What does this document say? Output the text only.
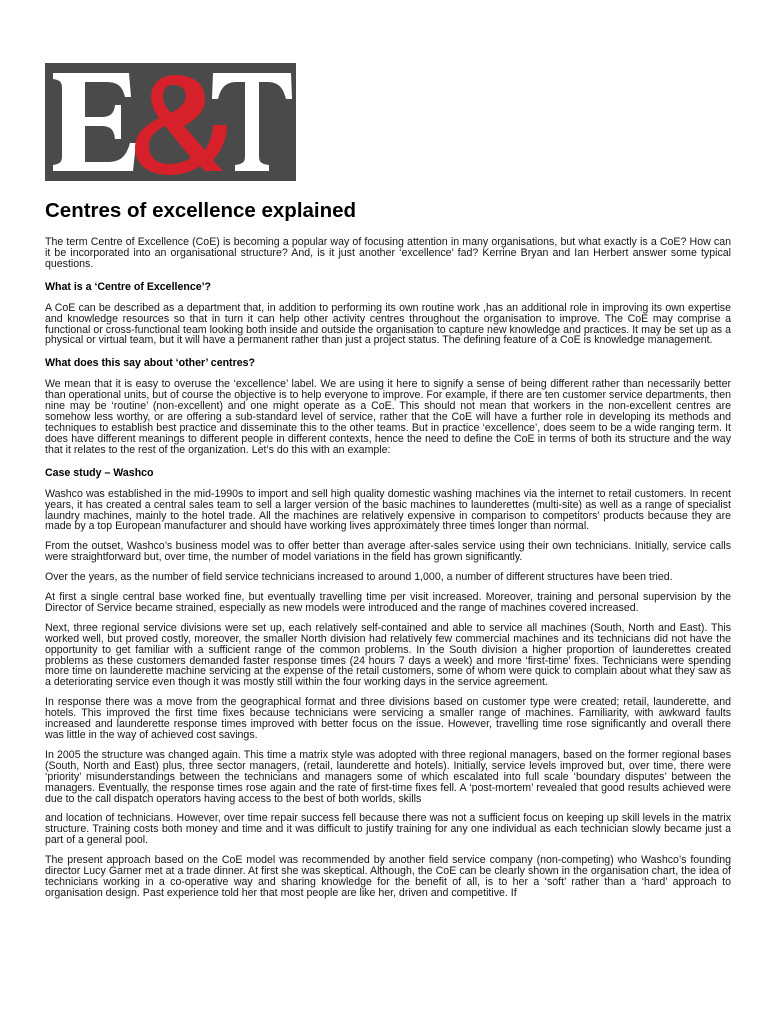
Centres of excellence explained

The term Centre of Excellence (CoE) is becoming a popular way of focusing attention in many organisations, but what exactly is a CoE? How can it be incorporated into an organisational structure? And, is it just another ‘excellence’ fad? Kerrine Bryan and Ian Herbert answer some typical questions.

What is a ‘Centre of Excellence’?

A CoE can be described as a department that, in addition to performing its own routine work ,has an additional role in improving its own expertise and knowledge resources so that in turn it can help other activity centres throughout the organisation to improve. The CoE may comprise a functional or cross-functional team looking both inside and outside the organisation to capture new knowledge and practices. It may be set up as a physical or virtual team, but it will have a permanent rather than just a project status. The defining feature of a CoE is knowledge management.

What does this say about ‘other’ centres?

We mean that it is easy to overuse the ‘excellence’ label. We are using it here to signify a sense of being different rather than necessarily better than operational units, but of course the objective is to help everyone to improve. For example, if there are ten customer service departments, then nine may be ‘routine’ (non-excellent) and one might operate as a CoE. This should not mean that workers in the non-excellent centres are somehow less worthy, or are offering a sub-standard level of service, rather that the CoE will have a further role in developing its methods and techniques to establish best practice and disseminate this to the other teams. But in practice ‘excellence’, does seem to be a wide ranging term. It does have different meanings to different people in different contexts, hence the need to define the CoE in terms of both its structure and the way that it relates to the rest of the organization. Let’s do this with an example:

Case study – Washco

Washco was established in the mid-1990s to import and sell high quality domestic washing machines via the internet to retail customers. In recent years, it has created a central sales team to sell a larger version of the basic machines to launderettes (multi-site) as well as a range of specialist laundry machines, mainly to the hotel trade. All the machines are relatively expensive in comparison to competitors’ products because they are made by a top European manufacturer and should have working lives approximately three times longer than normal.

From the outset, Washco’s business model was to offer better than average after-sales service using their own technicians. Initially, service calls were straightforward but, over time, the number of model variations in the field has grown significantly.

Over the years, as the number of field service technicians increased to around 1,000, a number of different structures have been tried.

At first a single central base worked fine, but eventually travelling time per visit increased. Moreover, training and personal supervision by the Director of Service became strained, especially as new models were introduced and the range of machines covered increased.

Next, three regional service divisions were set up, each relatively self-contained and able to service all machines (South, North and East). This worked well, but proved costly, moreover, the smaller North division had relatively few commercial machines and its technicians did not have the opportunity to get familiar with a sufficient range of the common problems. In the South division a higher proportion of launderettes created problems as these customers demanded faster response times (24 hours 7 days a week) and more ‘first-time’ fixes. Technicians were spending more time on launderette machine servicing at the expense of the retail customers, some of whom were quick to complain about what they saw as a deteriorating service even though it was mostly still within the four working days in the service agreement.

In response there was a move from the geographical format and three divisions based on customer type were created; retail, launderette, and hotels. This improved the first time fixes because technicians were servicing a smaller range of machines. Familiarity, with awkward faults increased and launderette response times improved with better focus on the issue. However, travelling time rose significantly and overall there was little in the way of achieved cost savings.

In 2005 the structure was changed again. This time a matrix style was adopted with three regional managers, based on the former regional bases (South, North and East) plus, three sector managers, (retail, launderette and hotels). Initially, service levels improved but, over time, there were ‘priority’ misunderstandings between the technicians and managers some of which escalated into full scale ‘boundary disputes’ between the managers. Eventually, the response times rose again and the rate of first-time fixes fell. A ‘post-mortem’ revealed that good results achieved were due to the call dispatch operators having access to the best of both worlds, skills

and location of technicians. However, over time repair success fell because there was not a sufficient focus on keeping up skill levels in the matrix structure. Training costs both money and time and it was difficult to justify training for any one individual as each technician slowly became just a part of a general pool.

The present approach based on the CoE model was recommended by another field service company (non-competing) who Washco’s founding director Lucy Garner met at a trade dinner. At first she was skeptical. Although, the CoE can be clearly shown in the organisation chart, the idea of technicians working in a co-operative way and sharing knowledge for the benefit of all, is to her a ‘soft’ rather than a ‘hard’ approach to organisation design. Past experience told her that most people are like her, driven and competitive. If
